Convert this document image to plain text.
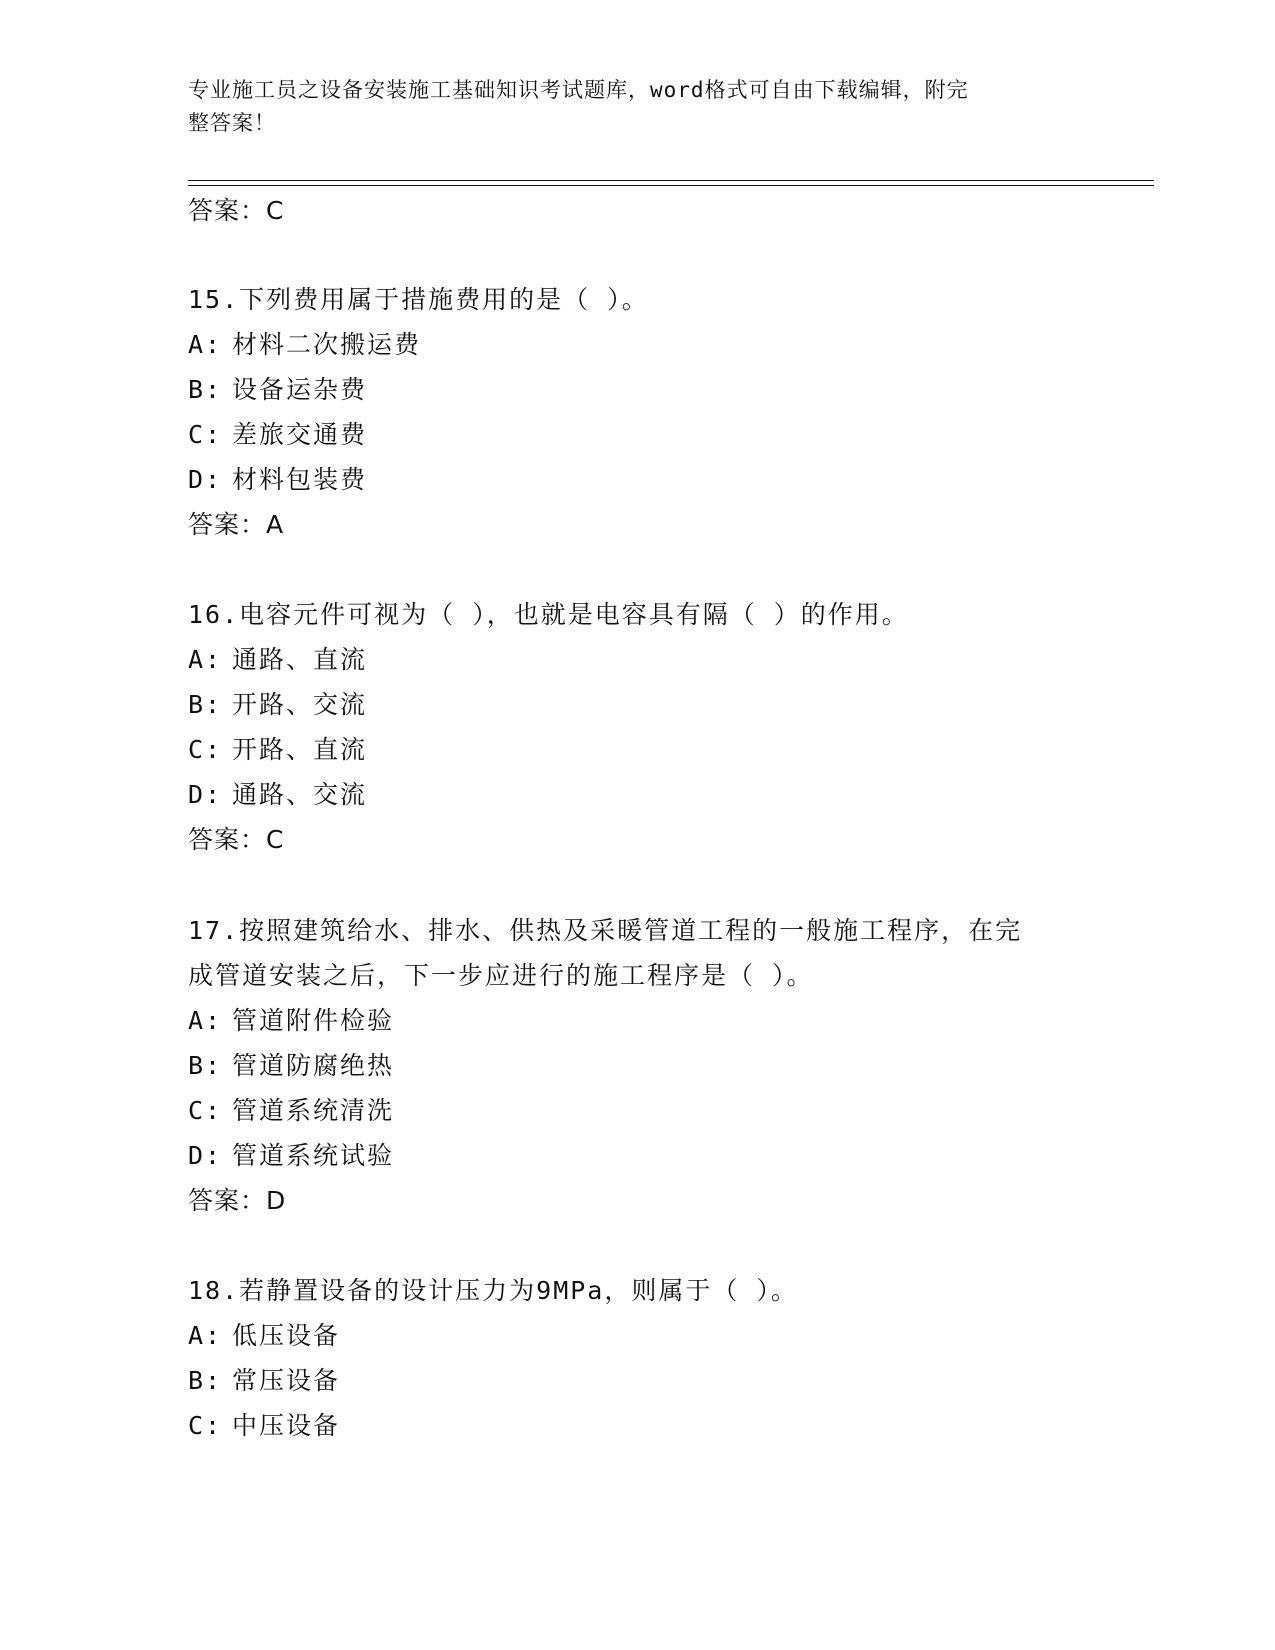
专业施工员之设备安装施工基础知识考试题库，word格式可自由下载编辑，附完
整答案！
答案：C
15.下列费用属于措施费用的是（ ）。
A: 材料二次搬运费
B: 设备运杂费
C: 差旅交通费
D: 材料包装费
答案：A
16.电容元件可视为（ ），也就是电容具有隔（ ）的作用。
A: 通路、直流
B: 开路、交流
C: 开路、直流
D: 通路、交流
答案：C
17.按照建筑给水、排水、供热及采暖管道工程的一般施工程序，在完
成管道安装之后，下一步应进行的施工程序是（ ）。
A: 管道附件检验
B: 管道防腐绝热
C: 管道系统清洗
D: 管道系统试验
答案：D
18.若静置设备的设计压力为9MPa，则属于（ ）。
A: 低压设备
B: 常压设备
C: 中压设备
